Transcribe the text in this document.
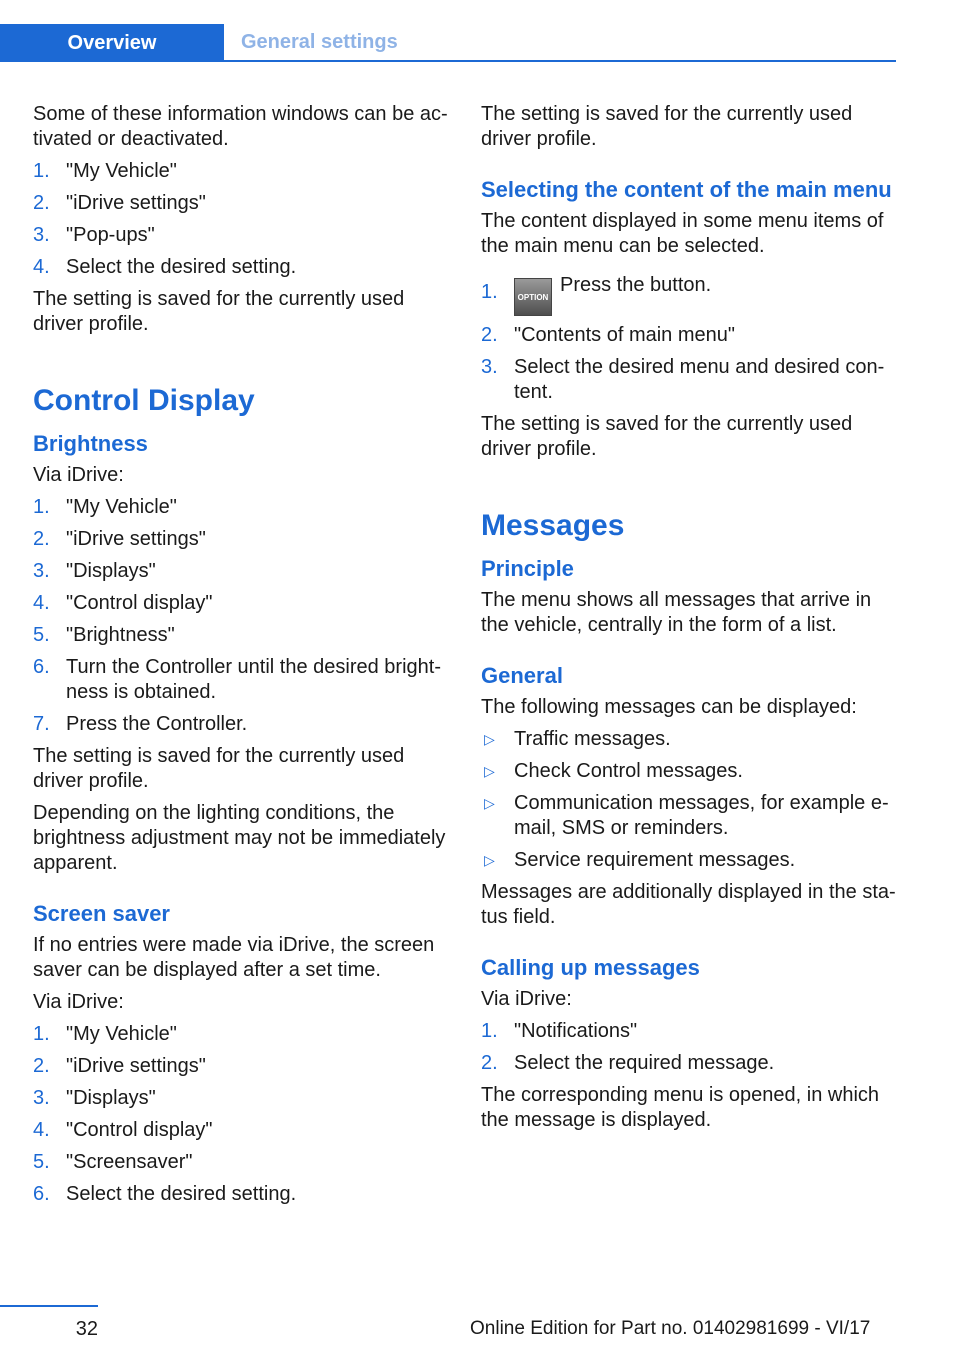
Overview	General settings

Some of these information windows can be activated or deactivated.

1. "My Vehicle"
2. "iDrive settings"
3. "Pop-ups"
4. Select the desired setting.

The setting is saved for the currently used driver profile.

Control Display
Brightness

Via iDrive:

1. "My Vehicle"
2. "iDrive settings"
3. "Displays"
4. "Control display"
5. "Brightness"
6. Turn the Controller until the desired brightness is obtained.
7. Press the Controller.

The setting is saved for the currently used driver profile.

Depending on the lighting conditions, the brightness adjustment may not be immediately apparent.

Screen saver

If no entries were made via iDrive, the screen saver can be displayed after a set time.

Via iDrive:

1. "My Vehicle"
2. "iDrive settings"
3. "Displays"
4. "Control display"
5. "Screensaver"
6. Select the desired setting.

The setting is saved for the currently used driver profile.

Selecting the content of the main menu

The content displayed in some menu items of the main menu can be selected.

1. OPTIONPress the button.
2. "Contents of main menu"
3. Select the desired menu and desired content.

The setting is saved for the currently used driver profile.

Messages
Principle

The menu shows all messages that arrive in the vehicle, centrally in the form of a list.

General

The following messages can be displayed:

▷ Traffic messages.
▷ Check Control messages.
▷ Communication messages, for example e-mail, SMS or reminders.
▷ Service requirement messages.

Messages are additionally displayed in the status field.

Calling up messages

Via iDrive:

1. "Notifications"
2. Select the required message.

The corresponding menu is opened, in which the message is displayed.

32	Online Edition for Part no. 01402981699 - VI/17
